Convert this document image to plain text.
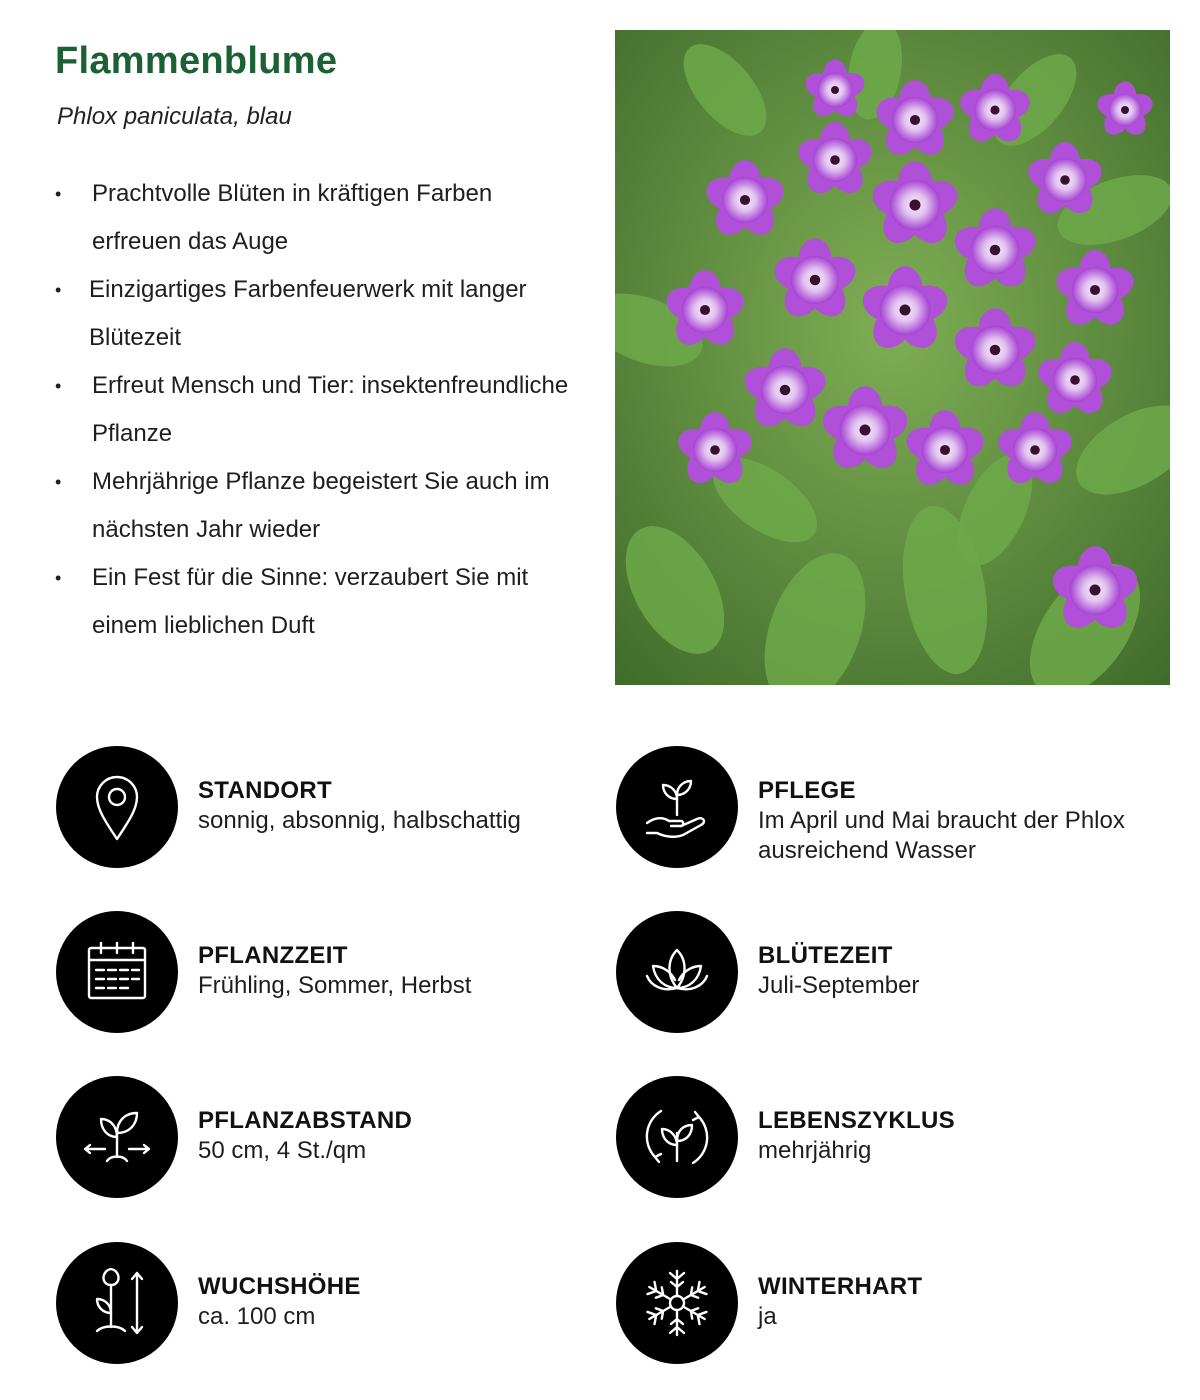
Flammenblume
Phlox paniculata, blau
• Prachtvolle Blüten in kräftigen Farben erfreuen das Auge
• Einzigartiges Farbenfeuerwerk mit langer Blütezeit
• Erfreut Mensch und Tier: insektenfreundliche Pflanze
• Mehrjährige Pflanze begeistert Sie auch im nächsten Jahr wieder
• Ein Fest für die Sinne: verzaubert Sie mit einem lieblichen Duft
STANDORT
sonnig, absonnig, halbschattig
PFLEGE
Im April und Mai braucht der Phlox ausreichend Wasser
PFLANZZEIT
Frühling, Sommer, Herbst
BLÜTEZEIT
Juli-September
PFLANZABSTAND
50 cm, 4 St./qm
LEBENSZYKLUS
mehrjährig
WUCHSHÖHE
ca. 100 cm
WINTERHART
ja
